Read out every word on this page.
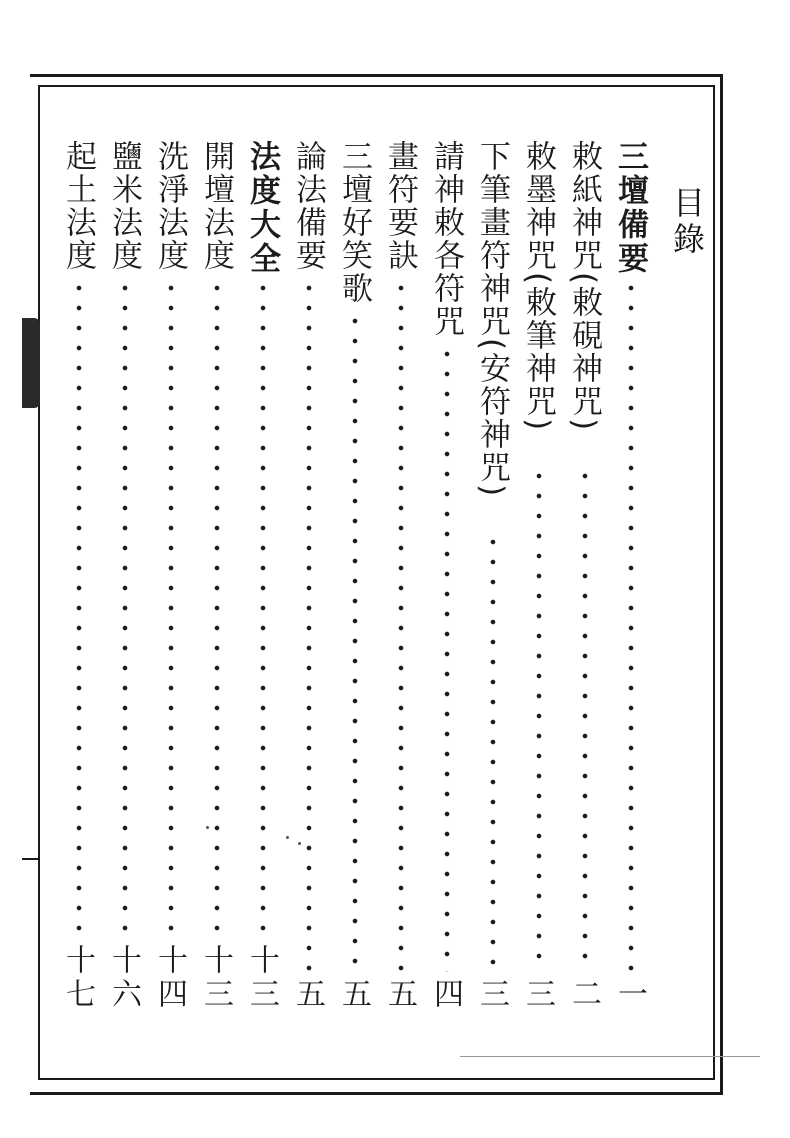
目錄
三壇備要
一
敕紙神咒(敕硯神咒)
二
敕墨神咒(敕筆神咒)
三
下筆畫符神咒(安符神咒)
三
請神敕各符咒
四
畫符要訣
五
三壇好笑歌
五
論法備要
五
法度大全
十三
開壇法度
十三
洗淨法度
十四
鹽米法度
十六
起土法度
十七
